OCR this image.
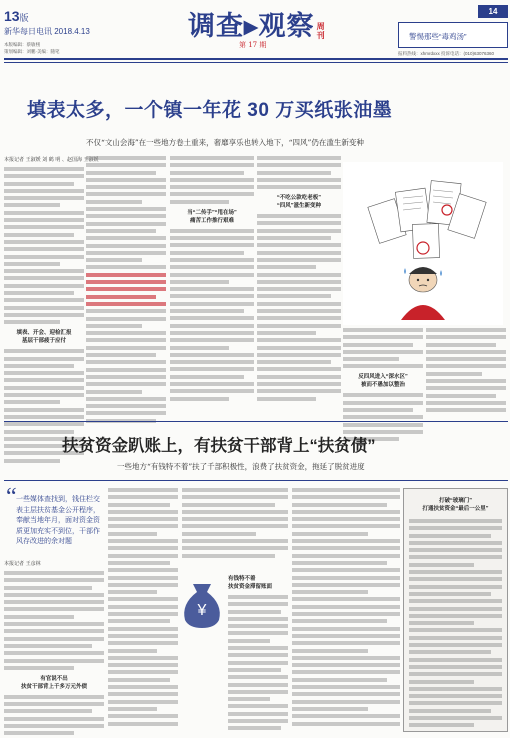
13版
新华每日电讯 2018.4.13
本版编辑：蔡敏栩
策划编辑：刘鹏·美编：随笔
调查▸观察 周刊
第 17 期
14
警惕那些“毒鸡汤”
报料热线：xhmrdxxx 投诉电话：(010)63076360
填表太多，一个镇一年花 30 万买纸张油墨
不仅“文山会海”在一些地方卷土重来，奢靡享乐也转入地下，“四风”仍在滥生新变种
本报记者 王淑媛 刘 鹤 明 、赵国海 王淑媛
填表、开会、迎检汇报
基层干部疲于应付
当“二传手”“甩在场”
痛苦工作推行艰难
“不吃公款吃老板”
“四风”滋生新变种
反四风进入“深水区”
被而不愚加以整治
扶贫资金趴账上，有扶贫干部背上“扶贫债”
一些地方“有钱特不着”扶了千部积极性，浪费了扶贫资金，拖延了脱贫进度
“ 一些媒体查找到，钱住栏交表主层扶贫基金公开程序，奉献当地年月，面对资金资质更加充实不到位，干部作风存改进的余对题
本报记者 王彦林
有官说不出
扶贫干部背上千多万元外债
¥
有钱特不着
扶贫资金滞留账面
打破“玻璃门”
打通扶贫资金“最后一公里”
